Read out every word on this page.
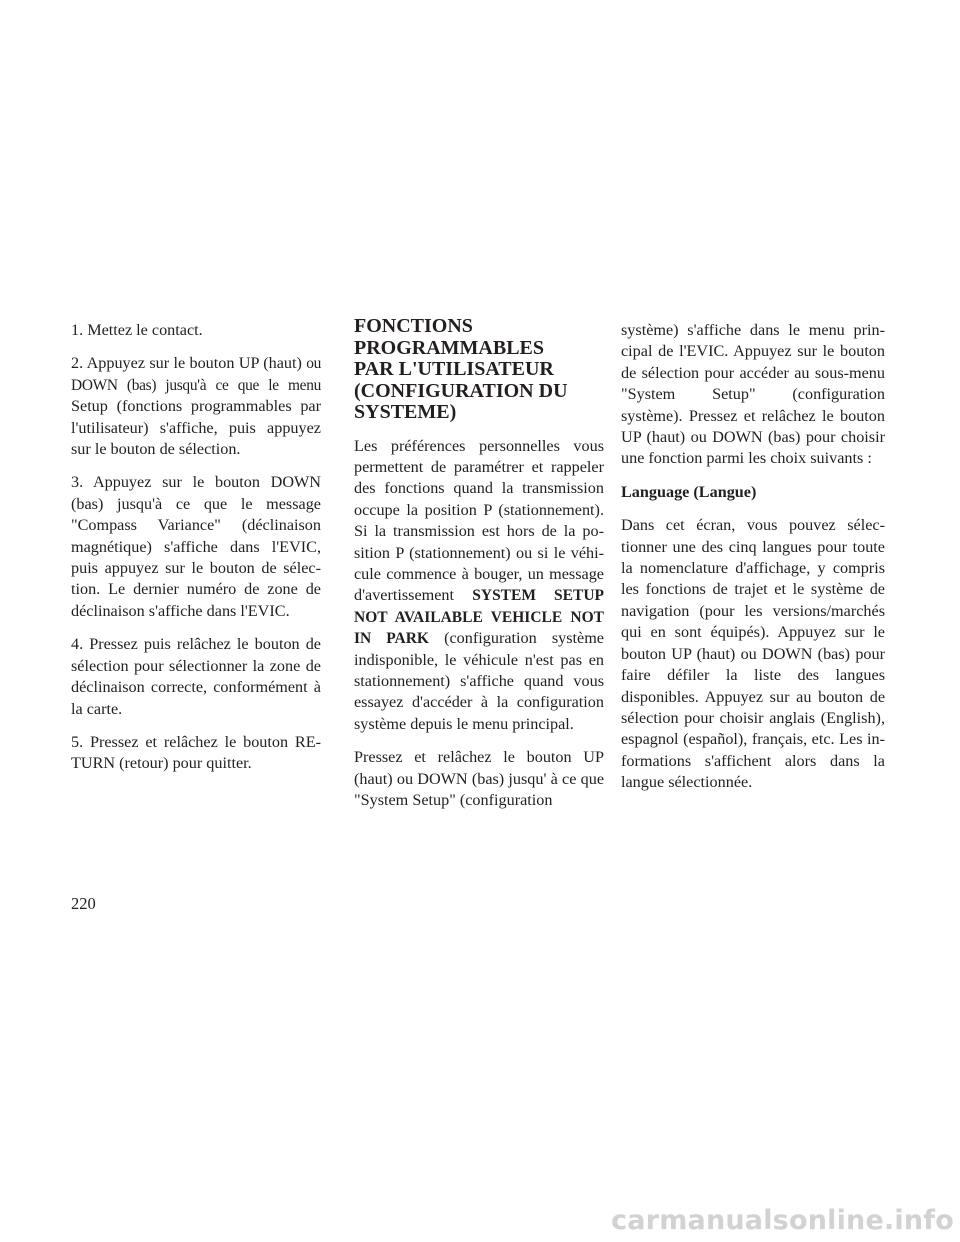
1. Mettez le contact.

2. Appuyez sur le bouton UP (haut) ou DOWN (bas) jusqu'à ce que le menu Setup (fonctions programmables par l'utilisateur) s'affiche, puis appuyez sur le bouton de sélection.

3. Appuyez sur le bouton DOWN (bas) jusqu'à ce que le message "Compass Variance" (déclinaison magnétique) s'affiche dans l'EVIC, puis appuyez sur le bouton de sélection. Le dernier numéro de zone de déclinaison s'affiche dans l'EVIC.

4. Pressez puis relâchez le bouton de sélection pour sélectionner la zone de déclinaison correcte, conformément à la carte.

5. Pressez et relâchez le bouton RETURN (retour) pour quitter.

FONCTIONS
PROGRAMMABLES
PAR L'UTILISATEUR
(CONFIGURATION DU
SYSTEME)

Les préférences personnelles vous permettent de paramétrer et rappeler des fonctions quand la transmission occupe la position P (stationnement). Si la transmission est hors de la position P (stationnement) ou si le véhicule commence à bouger, un message d'avertissement SYSTEM SETUP NOT AVAILABLE VEHICLE NOT IN PARK (configuration système indisponible, le véhicule n'est pas en stationnement) s'affiche quand vous essayez d'accéder à la configuration système depuis le menu principal.

Pressez et relâchez le bouton UP (haut) ou DOWN (bas) jusqu' à ce que "System Setup" (configuration

système) s'affiche dans le menu principal de l'EVIC. Appuyez sur le bouton de sélection pour accéder au sous-menu "System Setup" (configuration système). Pressez et relâchez le bouton UP (haut) ou DOWN (bas) pour choisir une fonction parmi les choix suivants :

Language (Langue)

Dans cet écran, vous pouvez sélectionner une des cinq langues pour toute la nomenclature d'affichage, y compris les fonctions de trajet et le système de navigation (pour les versions/marchés qui en sont équipés). Appuyez sur le bouton UP (haut) ou DOWN (bas) pour faire défiler la liste des langues disponibles. Appuyez sur au bouton de sélection pour choisir anglais (English), espagnol (español), français, etc. Les informations s'affichent alors dans la langue sélectionnée.

220
carmanualsonline.info
